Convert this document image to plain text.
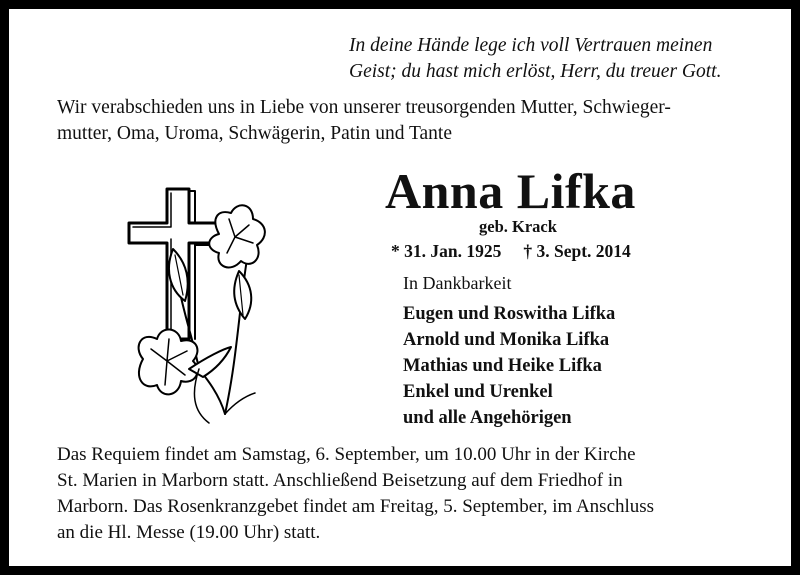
In deine Hände lege ich voll Vertrauen meinen
Geist; du hast mich erlöst, Herr, du treuer Gott.
Wir verabschieden uns in Liebe von unserer treusorgenden Mutter, Schwieger-
mutter, Oma, Uroma, Schwägerin, Patin und Tante
Anna Lifka
geb. Krack
* 31. Jan. 1925 † 3. Sept. 2014
In Dankbarkeit
Eugen und Roswitha Lifka
Arnold und Monika Lifka
Mathias und Heike Lifka
Enkel und Urenkel
und alle Angehörigen
Das Requiem findet am Samstag, 6. September, um 10.00 Uhr in der Kirche
St. Marien in Marborn statt. Anschließend Beisetzung auf dem Friedhof in
Marborn. Das Rosenkranzgebet findet am Freitag, 5. September, im Anschluss
an die Hl. Messe (19.00 Uhr) statt.
